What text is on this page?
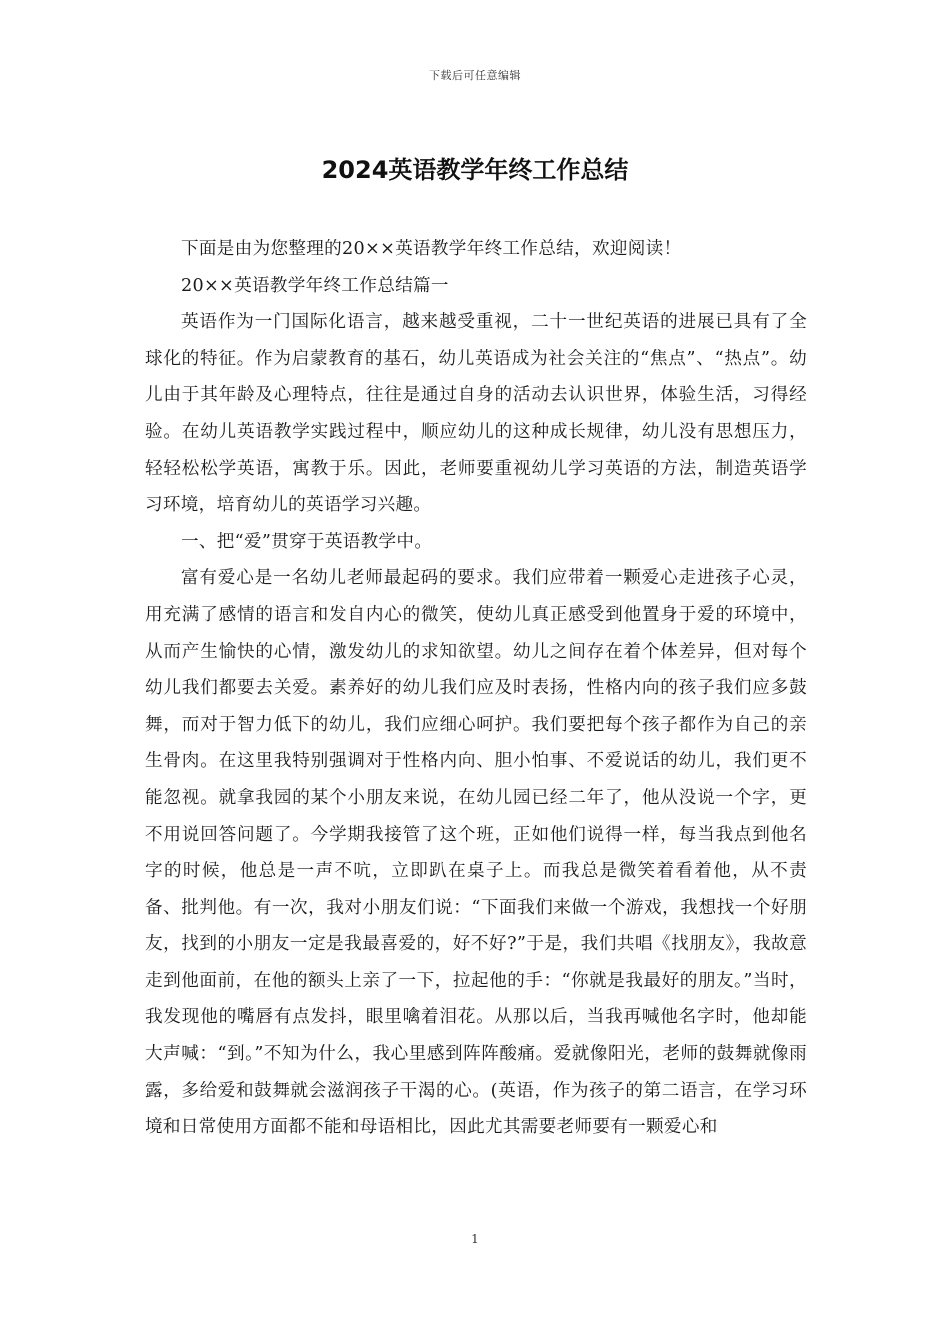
下载后可任意编辑
2024英语教学年终工作总结

下面是由为您整理的20××英语教学年终工作总结，欢迎阅读！

20××英语教学年终工作总结篇一

英语作为一门国际化语言，越来越受重视，二十一世纪英语的进展已具有了全球化的特征。作为启蒙教育的基石，幼儿英语成为社会关注的“焦点”、“热点”。幼儿由于其年龄及心理特点，往往是通过自身的活动去认识世界，体验生活，习得经验。在幼儿英语教学实践过程中，顺应幼儿的这种成长规律，幼儿没有思想压力，轻轻松松学英语，寓教于乐。因此，老师要重视幼儿学习英语的方法，制造英语学习环境，培育幼儿的英语学习兴趣。

一、把“爱”贯穿于英语教学中。

富有爱心是一名幼儿老师最起码的要求。我们应带着一颗爱心走进孩子心灵，用充满了感情的语言和发自内心的微笑，使幼儿真正感受到他置身于爱的环境中，从而产生愉快的心情，激发幼儿的求知欲望。幼儿之间存在着个体差异，但对每个幼儿我们都要去关爱。素养好的幼儿我们应及时表扬，性格内向的孩子我们应多鼓舞，而对于智力低下的幼儿，我们应细心呵护。我们要把每个孩子都作为自己的亲生骨肉。在这里我特别强调对于性格内向、胆小怕事、不爱说话的幼儿，我们更不能忽视。就拿我园的某个小朋友来说，在幼儿园已经二年了，他从没说一个字，更不用说回答问题了。今学期我接管了这个班，正如他们说得一样，每当我点到他名字的时候，他总是一声不吭，立即趴在桌子上。而我总是微笑着看着他，从不责备、批判他。有一次，我对小朋友们说：“下面我们来做一个游戏，我想找一个好朋友，找到的小朋友一定是我最喜爱的，好不好?”于是，我们共唱《找朋友》，我故意走到他面前，在他的额头上亲了一下，拉起他的手：“你就是我最好的朋友。”当时，我发现他的嘴唇有点发抖，眼里噙着泪花。从那以后，当我再喊他名字时，他却能大声喊：“到。”不知为什么，我心里感到阵阵酸痛。爱就像阳光，老师的鼓舞就像雨露，多给爱和鼓舞就会滋润孩子干渴的心。(英语，作为孩子的第二语言，在学习环境和日常使用方面都不能和母语相比，因此尤其需要老师要有一颗爱心和

1
